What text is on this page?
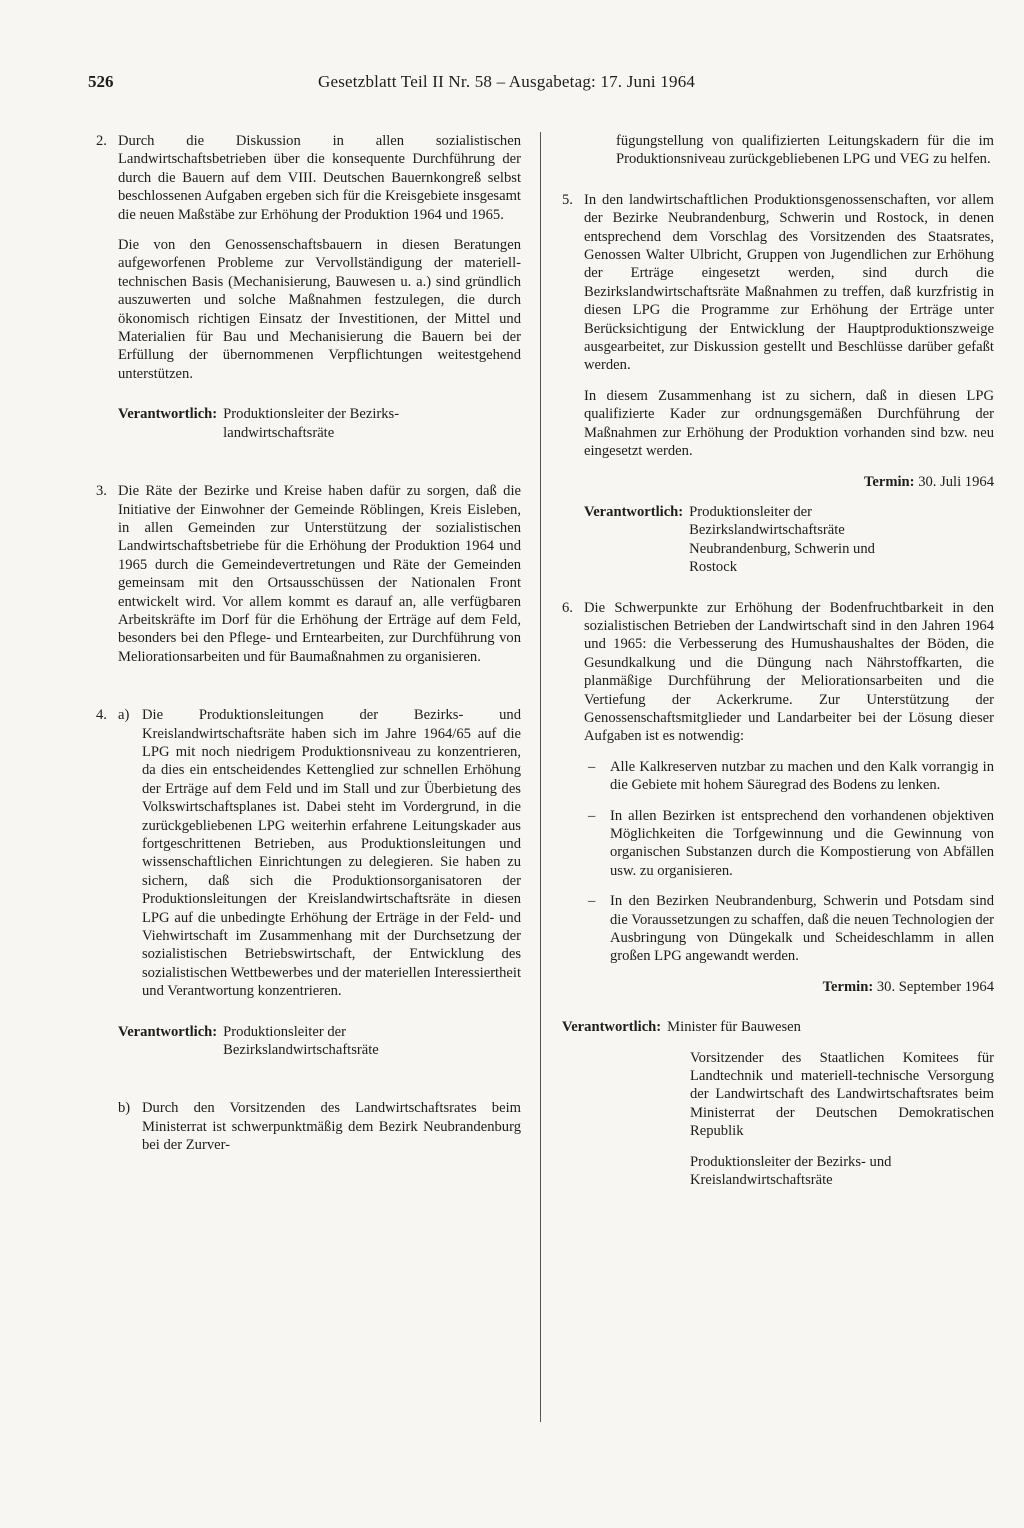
526	Gesetzblatt Teil II Nr. 58 – Ausgabetag: 17. Juni 1964
2. Durch die Diskussion in allen sozialistischen Landwirtschaftsbetrieben über die konsequente Durchführung der durch die Bauern auf dem VIII. Deutschen Bauernkongreß selbst beschlossenen Aufgaben ergeben sich für die Kreisgebiete insgesamt die neuen Maßstäbe zur Erhöhung der Produktion 1964 und 1965.

Die von den Genossenschaftsbauern in diesen Beratungen aufgeworfenen Probleme zur Vervollständigung der materiell-technischen Basis (Mechanisierung, Bauwesen u. a.) sind gründlich auszuwerten und solche Maßnahmen festzulegen, die durch ökonomisch richtigen Einsatz der Investitionen, der Mittel und Materialien für Bau und Mechanisierung die Bauern bei der Erfüllung der übernommenen Verpflichtungen weitestgehend unterstützen.

Verantwortlich: Produktionsleiter der Bezirks-
landwirtschaftsräte
3. Die Räte der Bezirke und Kreise haben dafür zu sorgen, daß die Initiative der Einwohner der Gemeinde Röblingen, Kreis Eisleben, in allen Gemeinden zur Unterstützung der sozialistischen Landwirtschaftsbetriebe für die Erhöhung der Produktion 1964 und 1965 durch die Gemeindevertretungen und Räte der Gemeinden gemeinsam mit den Ortsausschüssen der Nationalen Front entwickelt wird. Vor allem kommt es darauf an, alle verfügbaren Arbeitskräfte im Dorf für die Erhöhung der Erträge auf dem Feld, besonders bei den Pflege- und Erntearbeiten, zur Durchführung von Meliorationsarbeiten und für Baumaßnahmen zu organisieren.

4. a) Die Produktionsleitungen der Bezirks- und Kreislandwirtschaftsräte haben sich im Jahre 1964/65 auf die LPG mit noch niedrigem Produktionsniveau zu konzentrieren, da dies ein entscheidendes Kettenglied zur schnellen Erhöhung der Erträge auf dem Feld und im Stall und zur Überbietung des Volkswirtschaftsplanes ist. Dabei steht im Vordergrund, in die zurückgebliebenen LPG weiterhin erfahrene Leitungskader aus fortgeschrittenen Betrieben, aus Produktionsleitungen und wissenschaftlichen Einrichtungen zu delegieren. Sie haben zu sichern, daß sich die Produktionsorganisatoren der Produktionsleitungen der Kreislandwirtschaftsräte in diesen LPG auf die unbedingte Erhöhung der Erträge in der Feld- und Viehwirtschaft im Zusammenhang mit der Durchsetzung der sozialistischen Betriebswirtschaft, der Entwicklung des sozialistischen Wettbewerbes und der materiellen Interessiertheit und Verantwortung konzentrieren.

Verantwortlich: Produktionsleiter der
Bezirkslandwirtschaftsräte
b) Durch den Vorsitzenden des Landwirtschaftsrates beim Ministerrat ist schwerpunktmäßig dem Bezirk Neubrandenburg bei der Zurver-

fügungstellung von qualifizierten Leitungskadern für die im Produktionsniveau zurückgebliebenen LPG und VEG zu helfen.

5. In den landwirtschaftlichen Produktionsgenossenschaften, vor allem der Bezirke Neubrandenburg, Schwerin und Rostock, in denen entsprechend dem Vorschlag des Vorsitzenden des Staatsrates, Genossen Walter Ulbricht, Gruppen von Jugendlichen zur Erhöhung der Erträge eingesetzt werden, sind durch die Bezirkslandwirtschaftsräte Maßnahmen zu treffen, daß kurzfristig in diesen LPG die Programme zur Erhöhung der Erträge unter Berücksichtigung der Entwicklung der Hauptproduktionszweige ausgearbeitet, zur Diskussion gestellt und Beschlüsse darüber gefaßt werden.

In diesem Zusammenhang ist zu sichern, daß in diesen LPG qualifizierte Kader zur ordnungsgemäßen Durchführung der Maßnahmen zur Erhöhung der Produktion vorhanden sind bzw. neu eingesetzt werden.

Termin: 30. Juli 1964
Verantwortlich: Produktionsleiter der
Bezirkslandwirtschaftsräte
Neubrandenburg, Schwerin und
Rostock
6. Die Schwerpunkte zur Erhöhung der Bodenfruchtbarkeit in den sozialistischen Betrieben der Landwirtschaft sind in den Jahren 1964 und 1965: die Verbesserung des Humushaushaltes der Böden, die Gesundkalkung und die Düngung nach Nährstoffkarten, die planmäßige Durchführung der Meliorationsarbeiten und die Vertiefung der Ackerkrume. Zur Unterstützung der Genossenschaftsmitglieder und Landarbeiter bei der Lösung dieser Aufgaben ist es notwendig:

– Alle Kalkreserven nutzbar zu machen und den Kalk vorrangig in die Gebiete mit hohem Säuregrad des Bodens zu lenken.

– In allen Bezirken ist entsprechend den vorhandenen objektiven Möglichkeiten die Torfgewinnung und die Gewinnung von organischen Substanzen durch die Kompostierung von Abfällen usw. zu organisieren.

– In den Bezirken Neubrandenburg, Schwerin und Potsdam sind die Voraussetzungen zu schaffen, daß die neuen Technologien der Ausbringung von Düngekalk und Scheideschlamm in allen großen LPG angewandt werden.

Termin: 30. September 1964
Verantwortlich: Minister für Bauwesen

Vorsitzender des Staatlichen Komitees für Landtechnik und materiell-technische Versorgung der Landwirtschaft des Landwirtschaftsrates beim Ministerrat der Deutschen Demokratischen Republik

Produktionsleiter der Bezirks- und Kreislandwirtschaftsräte
